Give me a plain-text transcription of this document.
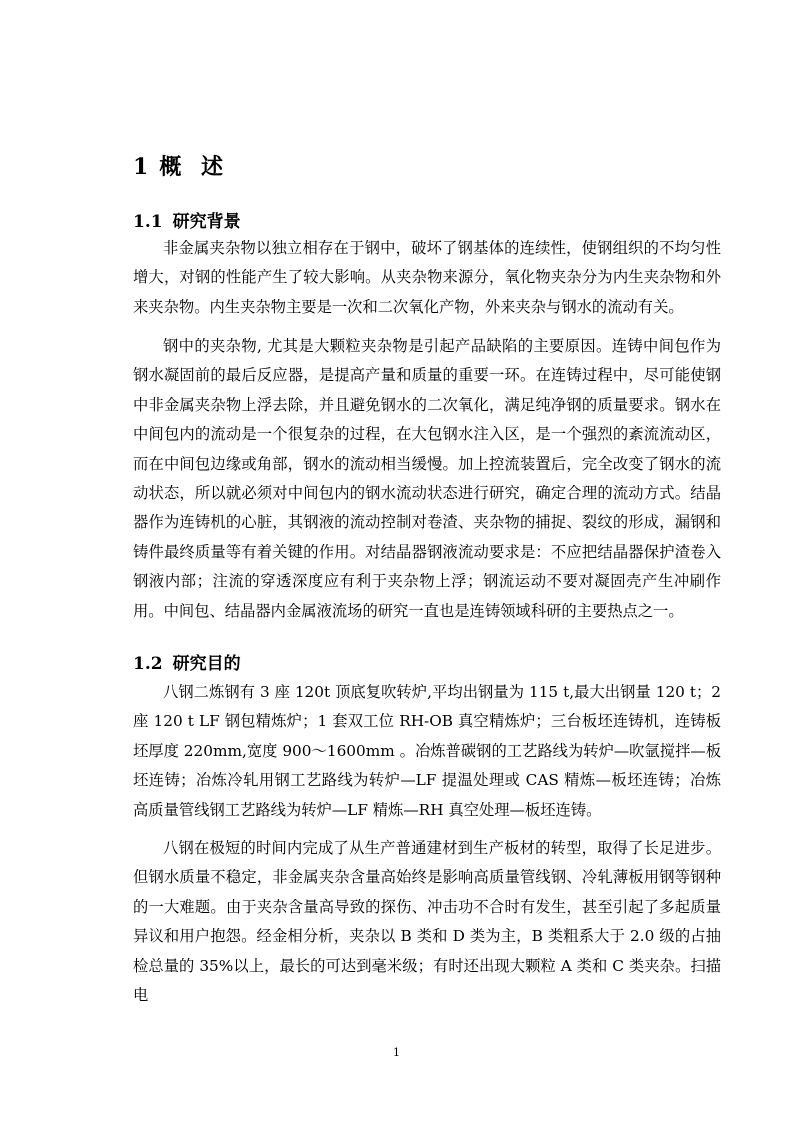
1 概 述
1.1 研究背景

非金属夹杂物以独立相存在于钢中，破坏了钢基体的连续性，使钢组织的不均匀性增大，对钢的性能产生了较大影响。从夹杂物来源分，氧化物夹杂分为内生夹杂物和外来夹杂物。内生夹杂物主要是一次和二次氧化产物，外来夹杂与钢水的流动有关。

钢中的夹杂物, 尤其是大颗粒夹杂物是引起产品缺陷的主要原因。连铸中间包作为钢水凝固前的最后反应器，是提高产量和质量的重要一环。在连铸过程中，尽可能使钢中非金属夹杂物上浮去除，并且避免钢水的二次氧化，满足纯净钢的质量要求。钢水在中间包内的流动是一个很复杂的过程，在大包钢水注入区，是一个强烈的紊流流动区，而在中间包边缘或角部，钢水的流动相当缓慢。加上控流装置后，完全改变了钢水的流动状态，所以就必须对中间包内的钢水流动状态进行研究，确定合理的流动方式。结晶器作为连铸机的心脏，其钢液的流动控制对卷渣、夹杂物的捕捉、裂纹的形成，漏钢和铸件最终质量等有着关键的作用。对结晶器钢液流动要求是：不应把结晶器保护渣卷入钢液内部；注流的穿透深度应有利于夹杂物上浮；钢流运动不要对凝固壳产生冲刷作用。中间包、结晶器内金属液流场的研究一直也是连铸领域科研的主要热点之一。

1.2 研究目的

八钢二炼钢有 3 座 120t 顶底复吹转炉,平均出钢量为 115 t,最大出钢量 120 t；2 座 120 t LF 钢包精炼炉；1 套双工位 RH-OB 真空精炼炉；三台板坯连铸机，连铸板坯厚度 220mm,宽度 900～1600mm 。冶炼普碳钢的工艺路线为转炉—吹氩搅拌—板坯连铸；冶炼冷轧用钢工艺路线为转炉—LF 提温处理或 CAS 精炼—板坯连铸；冶炼高质量管线钢工艺路线为转炉—LF 精炼—RH 真空处理—板坯连铸。

八钢在极短的时间内完成了从生产普通建材到生产板材的转型，取得了长足进步。但钢水质量不稳定，非金属夹杂含量高始终是影响高质量管线钢、冷轧薄板用钢等钢种的一大难题。由于夹杂含量高导致的探伤、冲击功不合时有发生，甚至引起了多起质量异议和用户抱怨。经金相分析，夹杂以 B 类和 D 类为主，B 类粗系大于 2.0 级的占抽检总量的 35%以上，最长的可达到毫米级；有时还出现大颗粒 A 类和 C 类夹杂。扫描电

1
